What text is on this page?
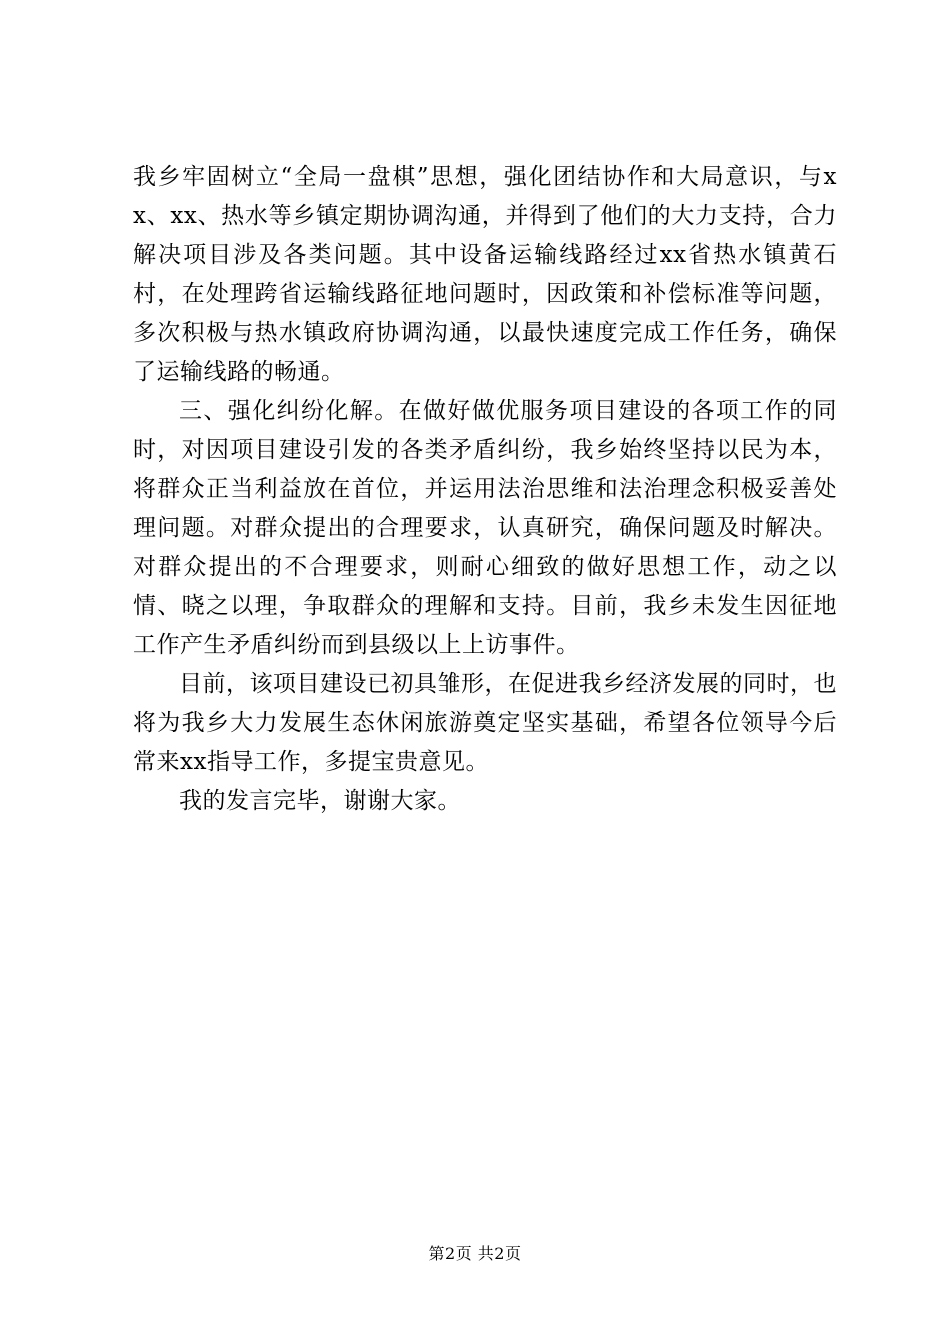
我乡牢固树立“全局一盘棋”思想，强化团结协作和大局意识，与xx、xx、热水等乡镇定期协调沟通，并得到了他们的大力支持，合力解决项目涉及各类问题。其中设备运输线路经过xx省热水镇黄石村，在处理跨省运输线路征地问题时，因政策和补偿标准等问题，多次积极与热水镇政府协调沟通，以最快速度完成工作任务，确保了运输线路的畅通。

三、强化纠纷化解。在做好做优服务项目建设的各项工作的同时，对因项目建设引发的各类矛盾纠纷，我乡始终坚持以民为本，将群众正当利益放在首位，并运用法治思维和法治理念积极妥善处理问题。对群众提出的合理要求，认真研究，确保问题及时解决。对群众提出的不合理要求，则耐心细致的做好思想工作，动之以情、晓之以理，争取群众的理解和支持。目前，我乡未发生因征地工作产生矛盾纠纷而到县级以上上访事件。

目前，该项目建设已初具雏形，在促进我乡经济发展的同时，也将为我乡大力发展生态休闲旅游奠定坚实基础，希望各位领导今后常来xx指导工作，多提宝贵意见。

我的发言完毕，谢谢大家。

第2页 共2页
